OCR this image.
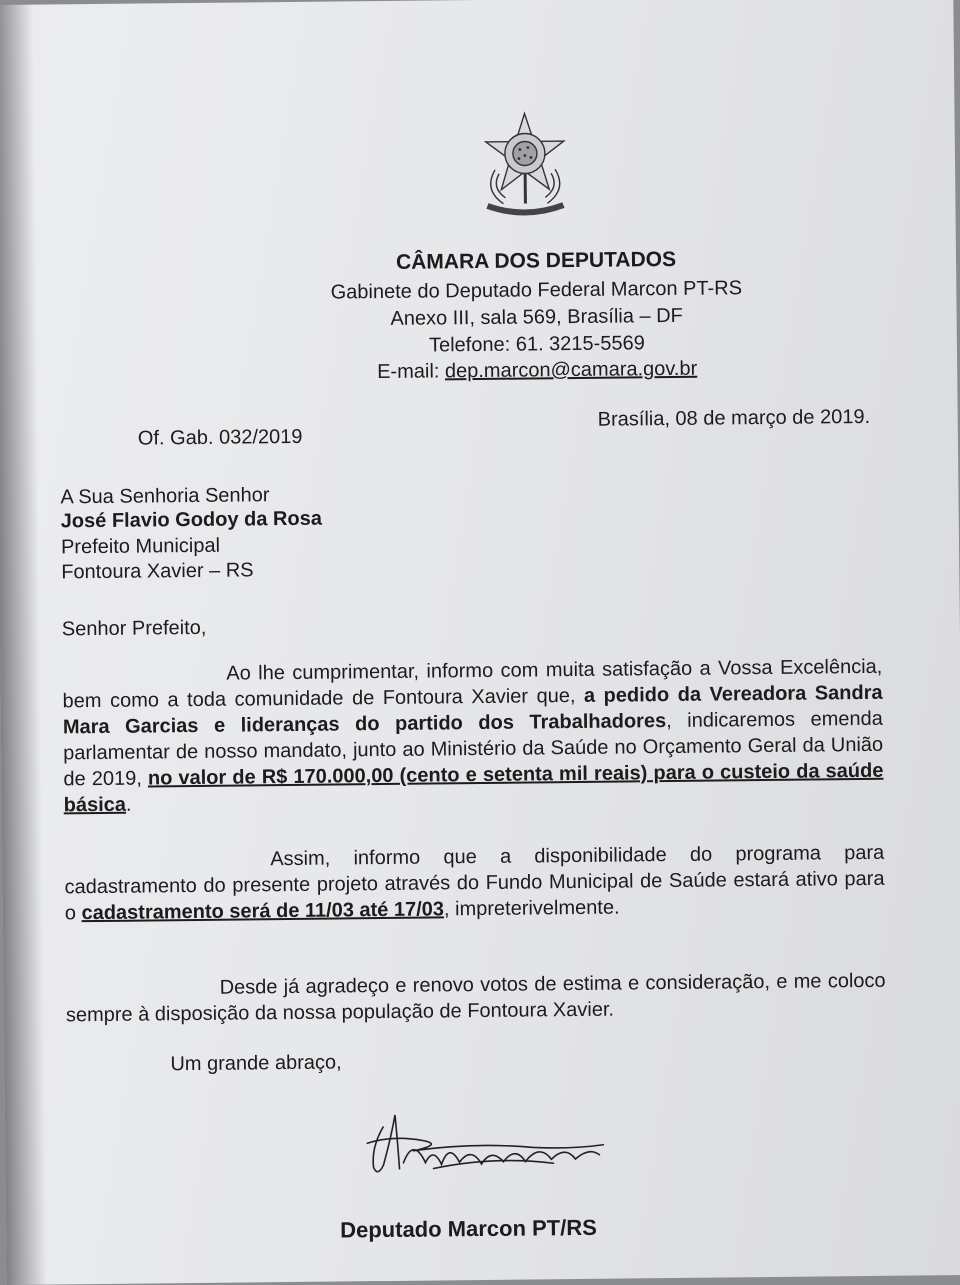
CÂMARA DOS DEPUTADOS
Gabinete do Deputado Federal Marcon PT-RS
Anexo III, sala 569, Brasília – DF
Telefone: 61. 3215-5569
E-mail: dep.marcon@camara.gov.br
Of. Gab. 032/2019
Brasília, 08 de março de 2019.
A Sua Senhoria Senhor
José Flavio Godoy da Rosa
Prefeito Municipal
Fontoura Xavier – RS
Senhor Prefeito,
Ao lhe cumprimentar, informo com muita satisfação a Vossa Excelência, bem como a toda comunidade de Fontoura Xavier que, a pedido da Vereadora Sandra Mara Garcias e lideranças do partido dos Trabalhadores, indicaremos emenda parlamentar de nosso mandato, junto ao Ministério da Saúde no Orçamento Geral da União de 2019, no valor de R$ 170.000,00 (cento e setenta mil reais) para o custeio da saúde básica.
Assim, informo que a disponibilidade do programa para cadastramento do presente projeto através do Fundo Municipal de Saúde estará ativo para o cadastramento será de 11/03 até 17/03, impreterivelmente.
Desde já agradeço e renovo votos de estima e consideração, e me coloco sempre à disposição da nossa população de Fontoura Xavier.
Um grande abraço,
Deputado Marcon PT/RS
